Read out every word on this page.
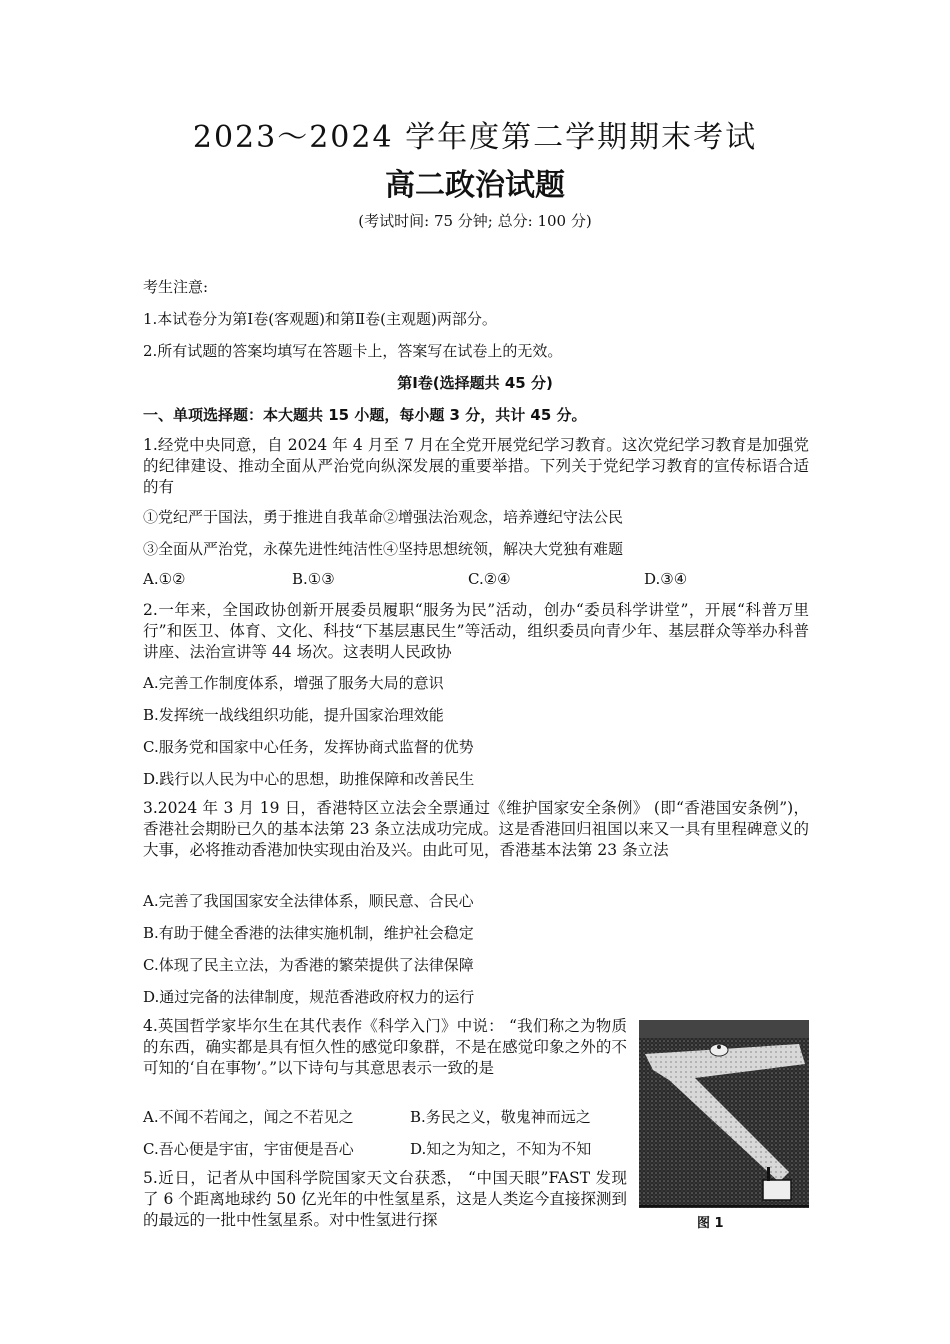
2023～2024 学年度第二学期期末考试
高二政治试题
(考试时间: 75 分钟; 总分: 100 分)
考生注意:
1.本试卷分为第Ⅰ卷(客观题)和第Ⅱ卷(主观题)两部分。
2.所有试题的答案均填写在答题卡上，答案写在试卷上的无效。
第Ⅰ卷(选择题共 45 分)
一、单项选择题：本大题共 15 小题，每小题 3 分，共计 45 分。
1.经党中央同意，自 2024 年 4 月至 7 月在全党开展党纪学习教育。这次党纪学习教育是加强党的纪律建设、推动全面从严治党向纵深发展的重要举措。下列关于党纪学习教育的宣传标语合适的有
①党纪严于国法，勇于推进自我革命②增强法治观念，培养遵纪守法公民
③全面从严治党，永葆先进性纯洁性④坚持思想统领，解决大党独有难题
A.①②	B.①③	C.②④	D.③④
2.一年来，全国政协创新开展委员履职“服务为民”活动，创办“委员科学讲堂”，开展“科普万里行”和医卫、体育、文化、科技“下基层惠民生”等活动，组织委员向青少年、基层群众等举办科普讲座、法治宣讲等 44 场次。这表明人民政协
A.完善工作制度体系，增强了服务大局的意识
B.发挥统一战线组织功能，提升国家治理效能
C.服务党和国家中心任务，发挥协商式监督的优势
D.践行以人民为中心的思想，助推保障和改善民生
3.2024 年 3 月 19 日，香港特区立法会全票通过《维护国家安全条例》 (即“香港国安条例”)，香港社会期盼已久的基本法第 23 条立法成功完成。这是香港回归祖国以来又一具有里程碑意义的大事，必将推动香港加快实现由治及兴。由此可见，香港基本法第 23 条立法
A.完善了我国国家安全法律体系，顺民意、合民心
B.有助于健全香港的法律实施机制，维护社会稳定
C.体现了民主立法，为香港的繁荣提供了法律保障
D.通过完备的法律制度，规范香港政府权力的运行
4.英国哲学家毕尔生在其代表作《科学入门》中说： “我们称之为物质的东西，确实都是具有恒久性的感觉印象群，不是在感觉印象之外的不可知的‘自在事物’。”以下诗句与其意思表示一致的是
A.不闻不若闻之，闻之不若见之	B.务民之义，敬鬼神而远之
C.吾心便是宇宙，宇宙便是吾心	D.知之为知之，不知为不知
5.近日，记者从中国科学院国家天文台获悉， “中国天眼”FAST 发现了 6 个距离地球约 50 亿光年的中性氢星系，这是人类迄今直接探测到的最远的一批中性氢星系。对中性氢进行探	图 1
